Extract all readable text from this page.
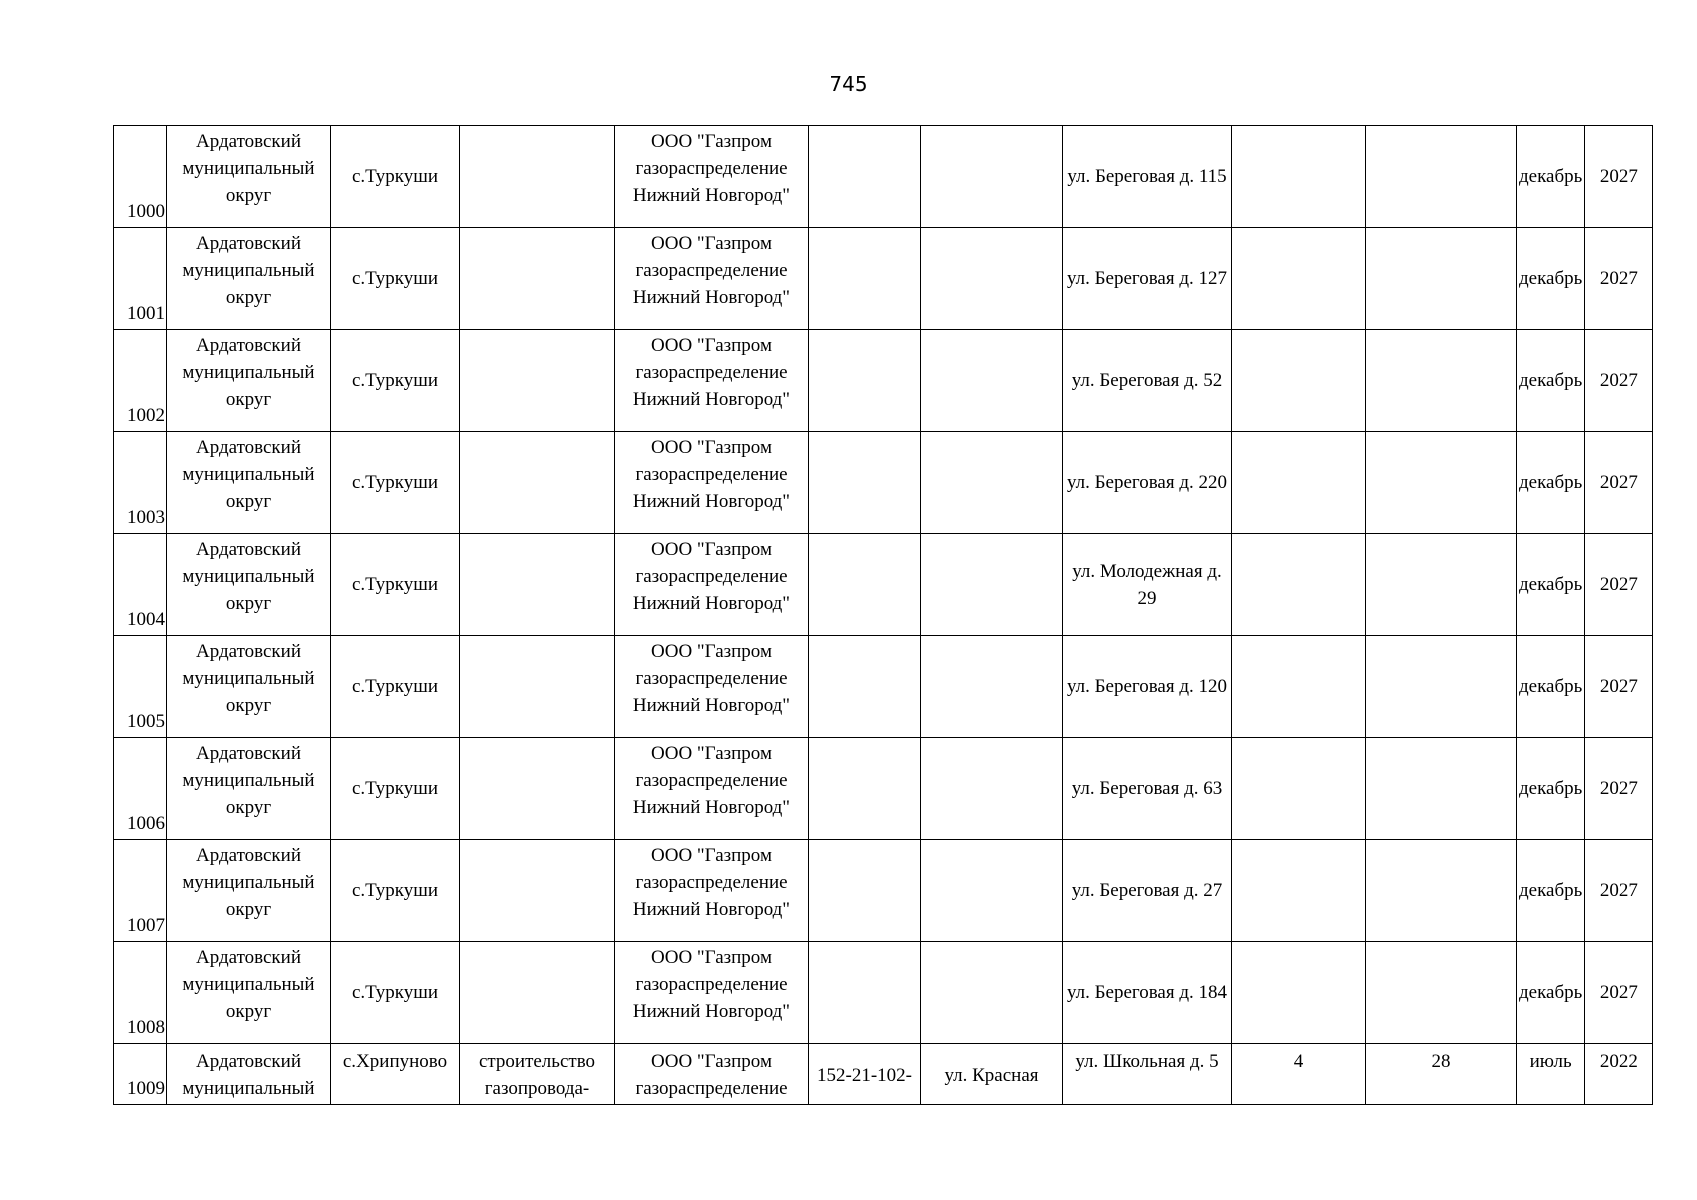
745
1000	Ардатовский муниципальный округ	с.Туркуши		ООО "Газпром газораспределение Нижний Новгород"			ул. Береговая д. 115			декабрь	2027
1001	Ардатовский муниципальный округ	с.Туркуши		ООО "Газпром газораспределение Нижний Новгород"			ул. Береговая д. 127			декабрь	2027
1002	Ардатовский муниципальный округ	с.Туркуши		ООО "Газпром газораспределение Нижний Новгород"			ул. Береговая д. 52			декабрь	2027
1003	Ардатовский муниципальный округ	с.Туркуши		ООО "Газпром газораспределение Нижний Новгород"			ул. Береговая д. 220			декабрь	2027
1004	Ардатовский муниципальный округ	с.Туркуши		ООО "Газпром газораспределение Нижний Новгород"			ул. Молодежная д. 29			декабрь	2027
1005	Ардатовский муниципальный округ	с.Туркуши		ООО "Газпром газораспределение Нижний Новгород"			ул. Береговая д. 120			декабрь	2027
1006	Ардатовский муниципальный округ	с.Туркуши		ООО "Газпром газораспределение Нижний Новгород"			ул. Береговая д. 63			декабрь	2027
1007	Ардатовский муниципальный округ	с.Туркуши		ООО "Газпром газораспределение Нижний Новгород"			ул. Береговая д. 27			декабрь	2027
1008	Ардатовский муниципальный округ	с.Туркуши		ООО "Газпром газораспределение Нижний Новгород"			ул. Береговая д. 184			декабрь	2027
1009	Ардатовский муниципальный	с.Хрипуново	строительство газопровода-	ООО "Газпром газораспределение	152-21-102-	ул. Красная	ул. Школьная д. 5	4	28	июль	2022
